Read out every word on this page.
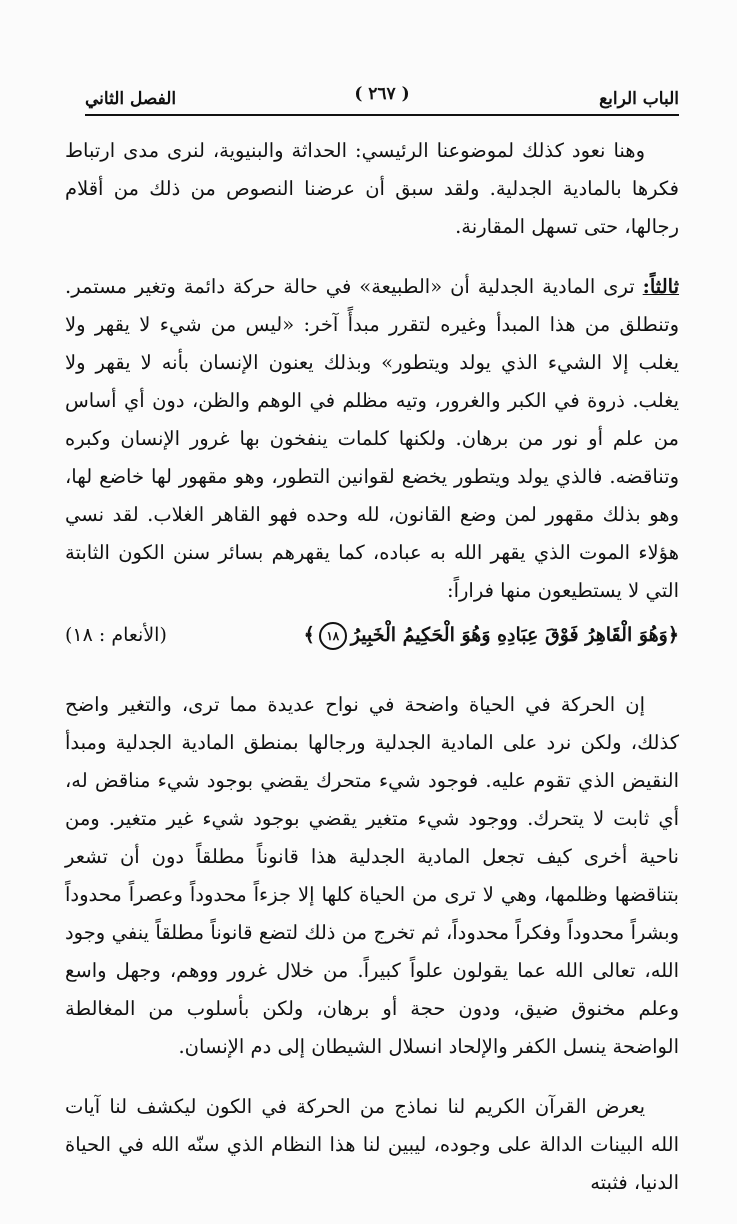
الباب الرابع
( ٢٦٧ )
الفصل الثاني

وهنا نعود كذلك لموضوعنا الرئيسي: الحداثة والبنيوية، لنرى مدى ارتباط فكرها بالمادية الجدلية. ولقد سبق أن عرضنا النصوص من ذلك من أقلام رجالها، حتى تسهل المقارنة.

ثالثاً: ترى المادية الجدلية أن «الطبيعة» في حالة حركة دائمة وتغير مستمر. وتنطلق من هذا المبدأ وغيره لتقرر مبدأً آخر: «ليس من شيء لا يقهر ولا يغلب إلا الشيء الذي يولد ويتطور» وبذلك يعنون الإنسان بأنه لا يقهر ولا يغلب. ذروة في الكبر والغرور، وتيه مظلم في الوهم والظن، دون أي أساس من علم أو نور من برهان. ولكنها كلمات ينفخون بها غرور الإنسان وكبره وتناقضه. فالذي يولد ويتطور يخضع لقوانين التطور، وهو مقهور لها خاضع لها، وهو بذلك مقهور لمن وضع القانون، لله وحده فهو القاهر الغلاب. لقد نسي هؤلاء الموت الذي يقهر الله به عباده، كما يقهرهم بسائر سنن الكون الثابتة التي لا يستطيعون منها فراراً:

﴿وَهُوَ الْقَاهِرُ فَوْقَ عِبَادِهِ وَهُوَ الْحَكِيمُ الْخَبِيرُ١٨﴾
(الأنعام : ١٨)

إن الحركة في الحياة واضحة في نواح عديدة مما ترى، والتغير واضح كذلك، ولكن نرد على المادية الجدلية ورجالها بمنطق المادية الجدلية ومبدأ النقيض الذي تقوم عليه. فوجود شيء متحرك يقضي بوجود شيء مناقض له، أي ثابت لا يتحرك. ووجود شيء متغير يقضي بوجود شيء غير متغير. ومن ناحية أخرى كيف تجعل المادية الجدلية هذا قانوناً مطلقاً دون أن تشعر بتناقضها وظلمها، وهي لا ترى من الحياة كلها إلا جزءاً محدوداً وعصراً محدوداً وبشراً محدوداً وفكراً محدوداً، ثم تخرج من ذلك لتضع قانوناً مطلقاً ينفي وجود الله، تعالى الله عما يقولون علواً كبيراً. من خلال غرور ووهم، وجهل واسع وعلم مخنوق ضيق، ودون حجة أو برهان، ولكن بأسلوب من المغالطة الواضحة ينسل الكفر والإلحاد انسلال الشيطان إلى دم الإنسان.

يعرض القرآن الكريم لنا نماذج من الحركة في الكون ليكشف لنا آيات الله البينات الدالة على وجوده، ليبين لنا هذا النظام الذي سنّه الله في الحياة الدنيا، فثبته
